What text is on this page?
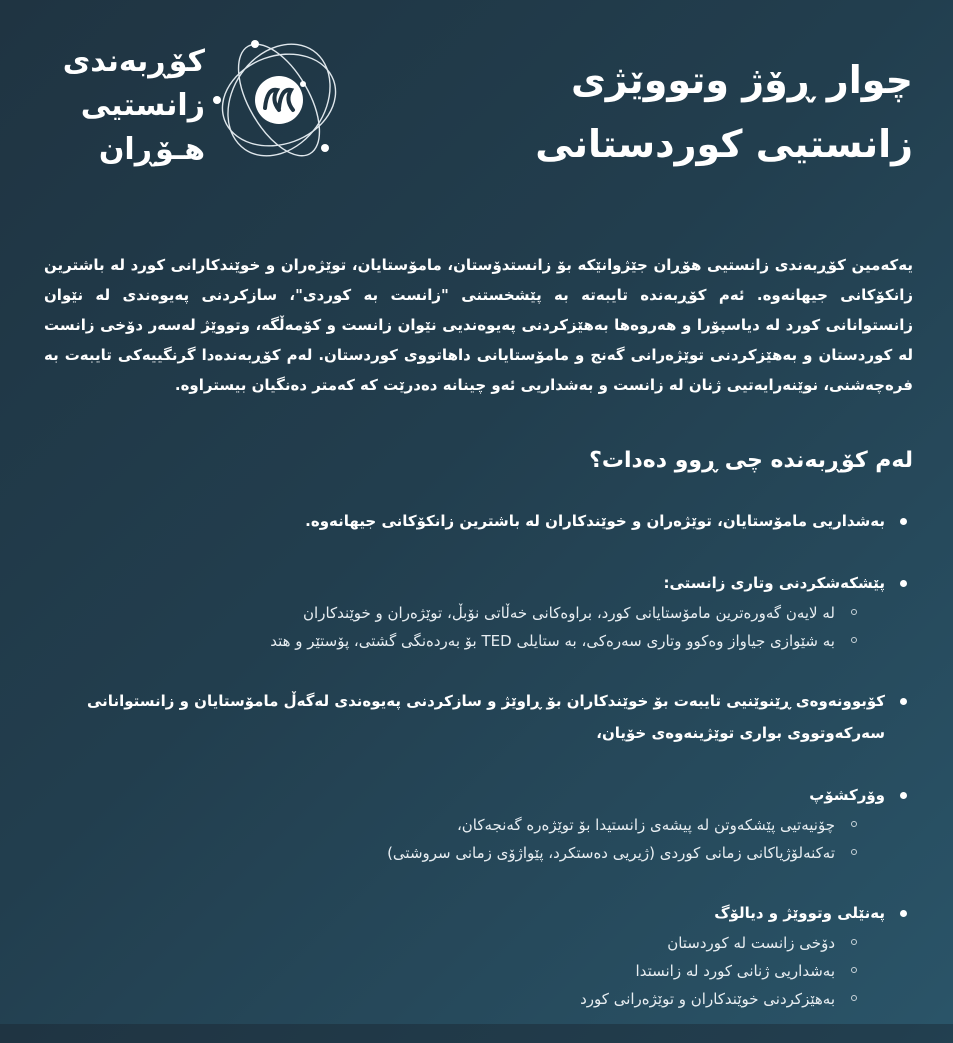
کۆڕبەندی
زانستیی
هـۆڕان
چوار ڕۆژ وتووێژی
زانستیی کوردستانی
یەکەمین کۆڕبەندی زانستیی هۆڕان جێژوانێکە بۆ زانستدۆستان، مامۆستایان، توێژەران و خوێندکارانی کورد لە باشترین زانکۆکانی جیهانەوە. ئەم کۆڕبەندە تایبەتە بە پێشخستنی "زانست بە کوردی"، سازکردنی پەیوەندی لە نێوان زانستوانانی کورد لە دیاسپۆرا و هەروەها بەهێزکردنی پەیوەندیی نێوان زانست و کۆمەڵگە، وتووێژ لەسەر دۆخی زانست لە کوردستان و بەهێزکردنی توێژەرانی گەنج و مامۆستایانی داهاتووی کوردستان. لەم کۆڕبەندەدا گرنگییەکی تایبەت بە فرەچەشنی، نوێنەرایەتیی ژنان لە زانست و بەشداریی ئەو چینانە دەدرێت کە کەمتر دەنگیان بیستراوە.
لەم کۆڕبەندە چی ڕوو دەدات؟
بەشداریی مامۆستایان، توێژەران و خوێندکاران لە باشترین زانکۆکانی جیهانەوە.
پێشکەشکردنی وتاری زانستی:
لە لایەن گەورەترین مامۆستایانی کورد، براوەکانی خەڵاتی نۆبڵ، توێژەران و خوێندکاران
بە شێوازی جیاواز وەکوو وتاری سەرەکی، بە ستایلی TED بۆ بەردەنگی گشتی، پۆستێر و هتد
کۆبوونەوەی ڕێنوێنیی تایبەت بۆ خوێندکاران بۆ ڕاوێژ و سازکردنی پەیوەندی لەگەڵ مامۆستایان و زانستوانانی سەرکەوتووی بواری توێژینەوەی خۆیان،
وۆرکشۆپ
چۆنیەتیی پێشکەوتن لە پیشەی زانستیدا بۆ توێژەرە گەنجەکان،
تەکنەلۆژیاکانی زمانی کوردی (ژیریی دەستکرد، پێواژۆی زمانی سروشتی)
پەنێلی وتووێژ و دیالۆگ
دۆخی زانست لە کوردستان
بەشداریی ژنانی کورد لە زانستدا
بەهێزکردنی خوێندکاران و توێژەرانی کورد
